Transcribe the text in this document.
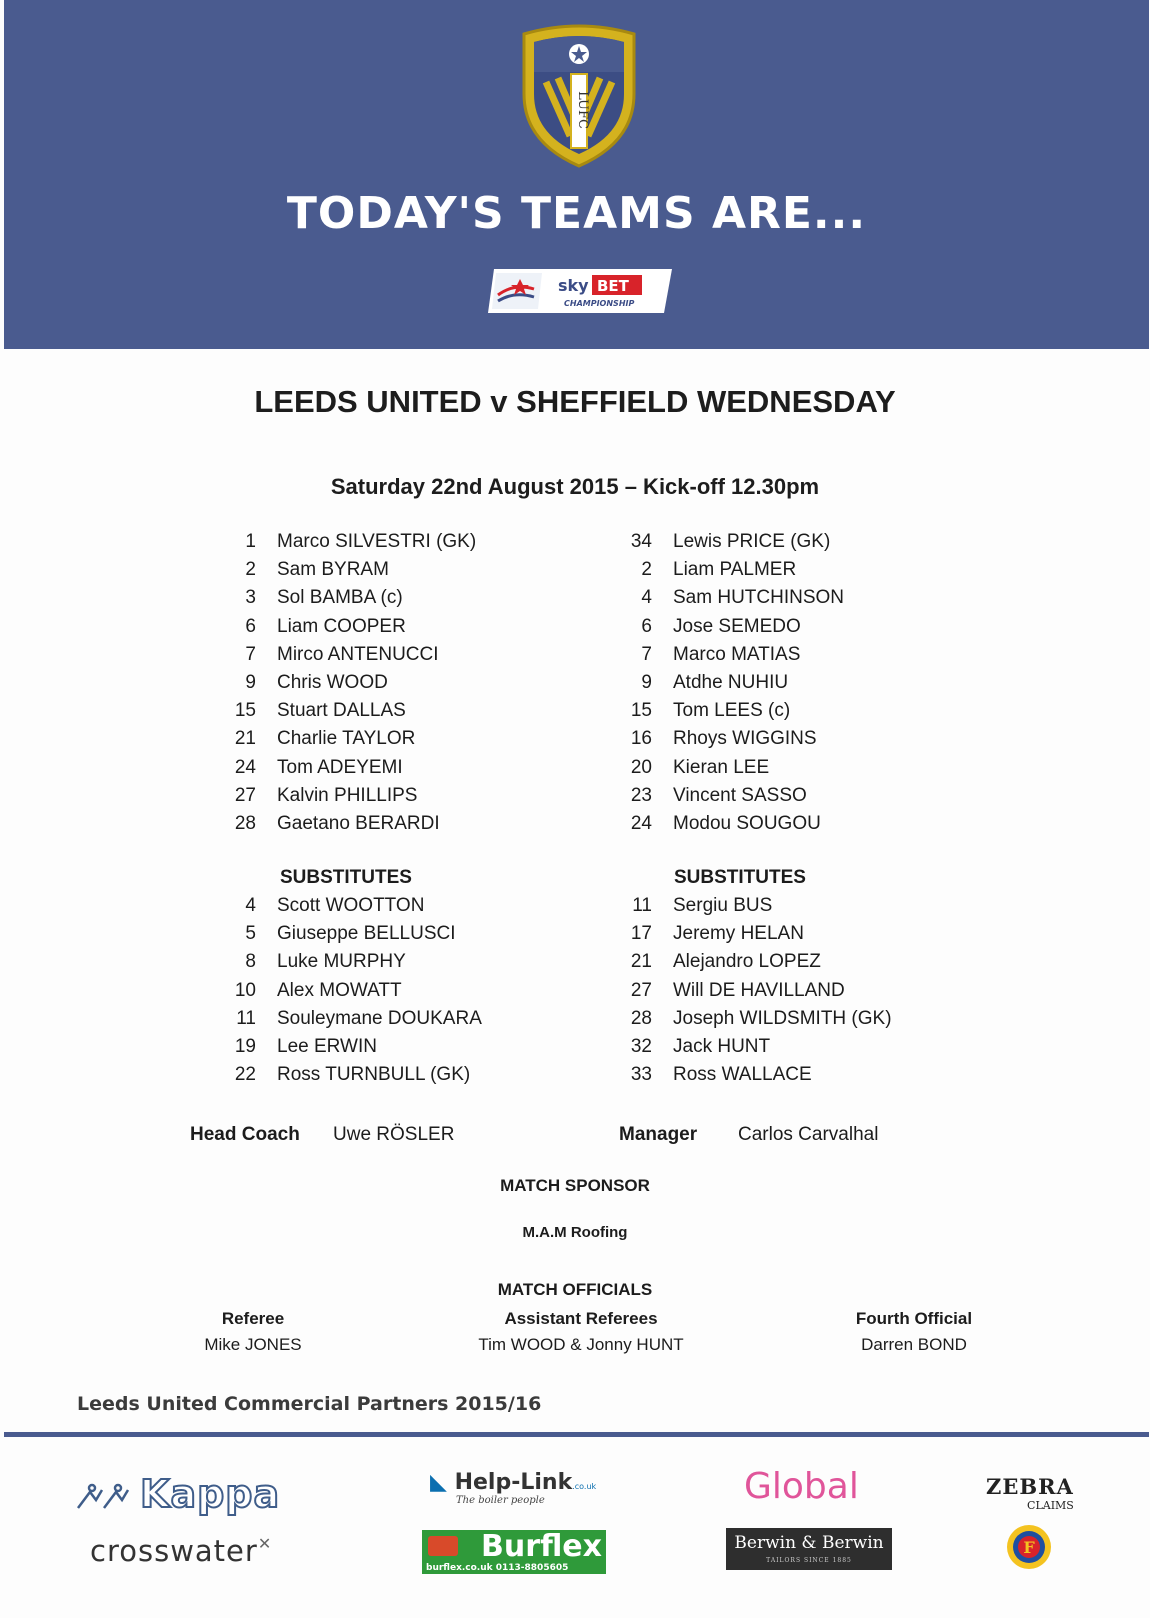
LUFC
TODAY'S TEAMS ARE...
sky BET
CHAMPIONSHIP
LEEDS UNITED v SHEFFIELD WEDNESDAY
Saturday 22nd August 2015 – Kick-off 12.30pm
1 Marco SILVESTRI (GK)
2 Sam BYRAM
3 Sol BAMBA (c)
6 Liam COOPER
7 Mirco ANTENUCCI
9 Chris WOOD
15 Stuart DALLAS
21 Charlie TAYLOR
24 Tom ADEYEMI
27 Kalvin PHILLIPS
28 Gaetano BERARDI
SUBSTITUTES
4 Scott WOOTTON
5 Giuseppe BELLUSCI
8 Luke MURPHY
10 Alex MOWATT
11 Souleymane DOUKARA
19 Lee ERWIN
22 Ross TURNBULL (GK)
34 Lewis PRICE (GK)
2 Liam PALMER
4 Sam HUTCHINSON
6 Jose SEMEDO
7 Marco MATIAS
9 Atdhe NUHIU
15 Tom LEES (c)
16 Rhoys WIGGINS
20 Kieran LEE
23 Vincent SASSO
24 Modou SOUGOU
SUBSTITUTES
11 Sergiu BUS
17 Jeremy HELAN
21 Alejandro LOPEZ
27 Will DE HAVILLAND
28 Joseph WILDSMITH (GK)
32 Jack HUNT
33 Ross WALLACE
Head Coach Uwe RÖSLER	Manager Carlos Carvalhal
MATCH SPONSOR
M.A.M Roofing
MATCH OFFICIALS
Referee
Mike JONES
Assistant Referees
Tim WOOD & Jonny HUNT
Fourth Official
Darren BOND
Leeds United Commercial Partners 2015/16
Kappa
crosswater✕
◣ Help-Link.co.uk
The boiler people
Burflex
burflex.co.uk 0113-8805605
Global
Berwin & Berwin
TAILORS SINCE 1885
ZEBRA
CLAIMS
F
